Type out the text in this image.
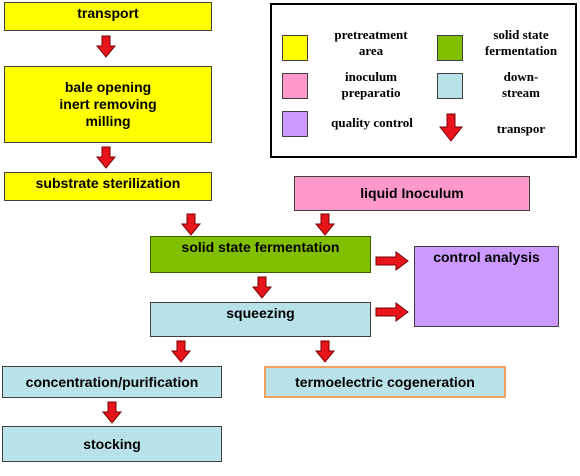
transport
bale opening
inert removing
milling
substrate sterilization
liquid Inoculum
solid state fermentation
control analysis
squeezing
concentration/purification	termoelectric cogeneration
stocking
pretreatment
area
solid state
fermentation
inoculum
preparatio
down-
stream
quality control	transpor
